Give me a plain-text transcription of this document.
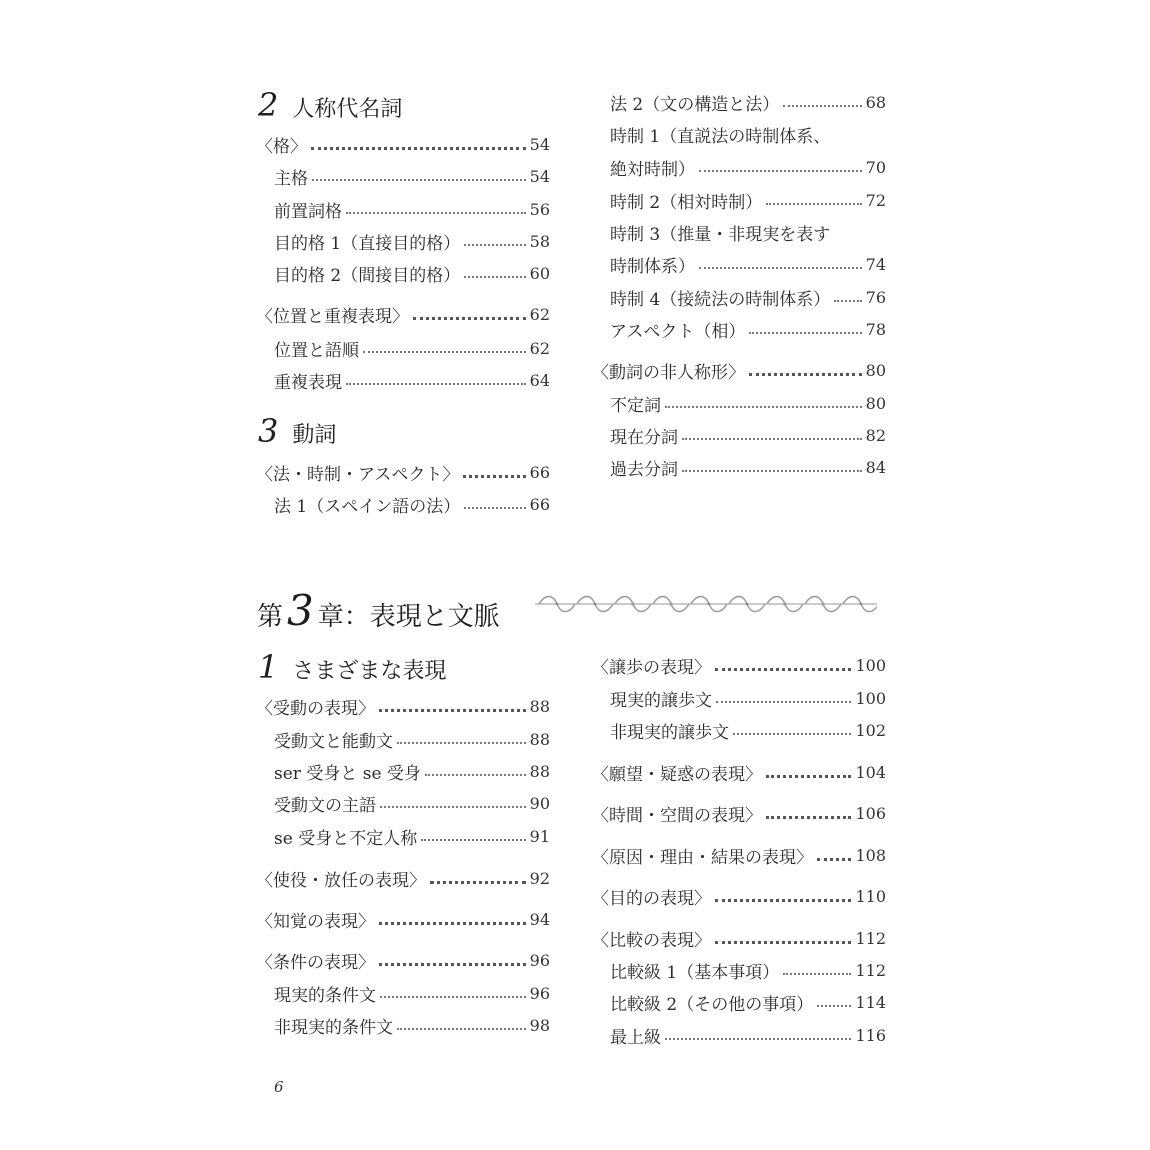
2 人称代名詞
3 動詞
〈格〉	54
主格	54
前置詞格	56
目的格 1（直接目的格）	58
目的格 2（間接目的格）	60
〈位置と重複表現〉	62
位置と語順	62
重複表現	64
〈法・時制・アスペクト〉	66
法 1（スペイン語の法）	66
法 2（文の構造と法）	68
時制 1（直説法の時制体系、
絶対時制）	70
時制 2（相対時制）	72
時制 3（推量・非現実を表す
時制体系）	74
時制 4（接続法の時制体系） 76
アスペクト（相）	78
〈動詞の非人称形〉	80
不定詞	80
現在分詞	82
過去分詞	84
第 3 章：表現と文脈
1 さまざまな表現
〈受動の表現〉	88
受動文と能動文	88
ser 受身と se 受身	88
受動文の主語	90
se 受身と不定人称	91
〈使役・放任の表現〉	92
〈知覚の表現〉	94
〈条件の表現〉	96
現実的条件文	96
非現実的条件文	98
〈譲歩の表現〉	100
現実的譲歩文	100
非現実的譲歩文	102
〈願望・疑惑の表現〉	104
〈時間・空間の表現〉	106
〈原因・理由・結果の表現〉	108
〈目的の表現〉	110
〈比較の表現〉	112
比較級 1（基本事項）	112
比較級 2（その他の事項）	114
最上級	116
6
